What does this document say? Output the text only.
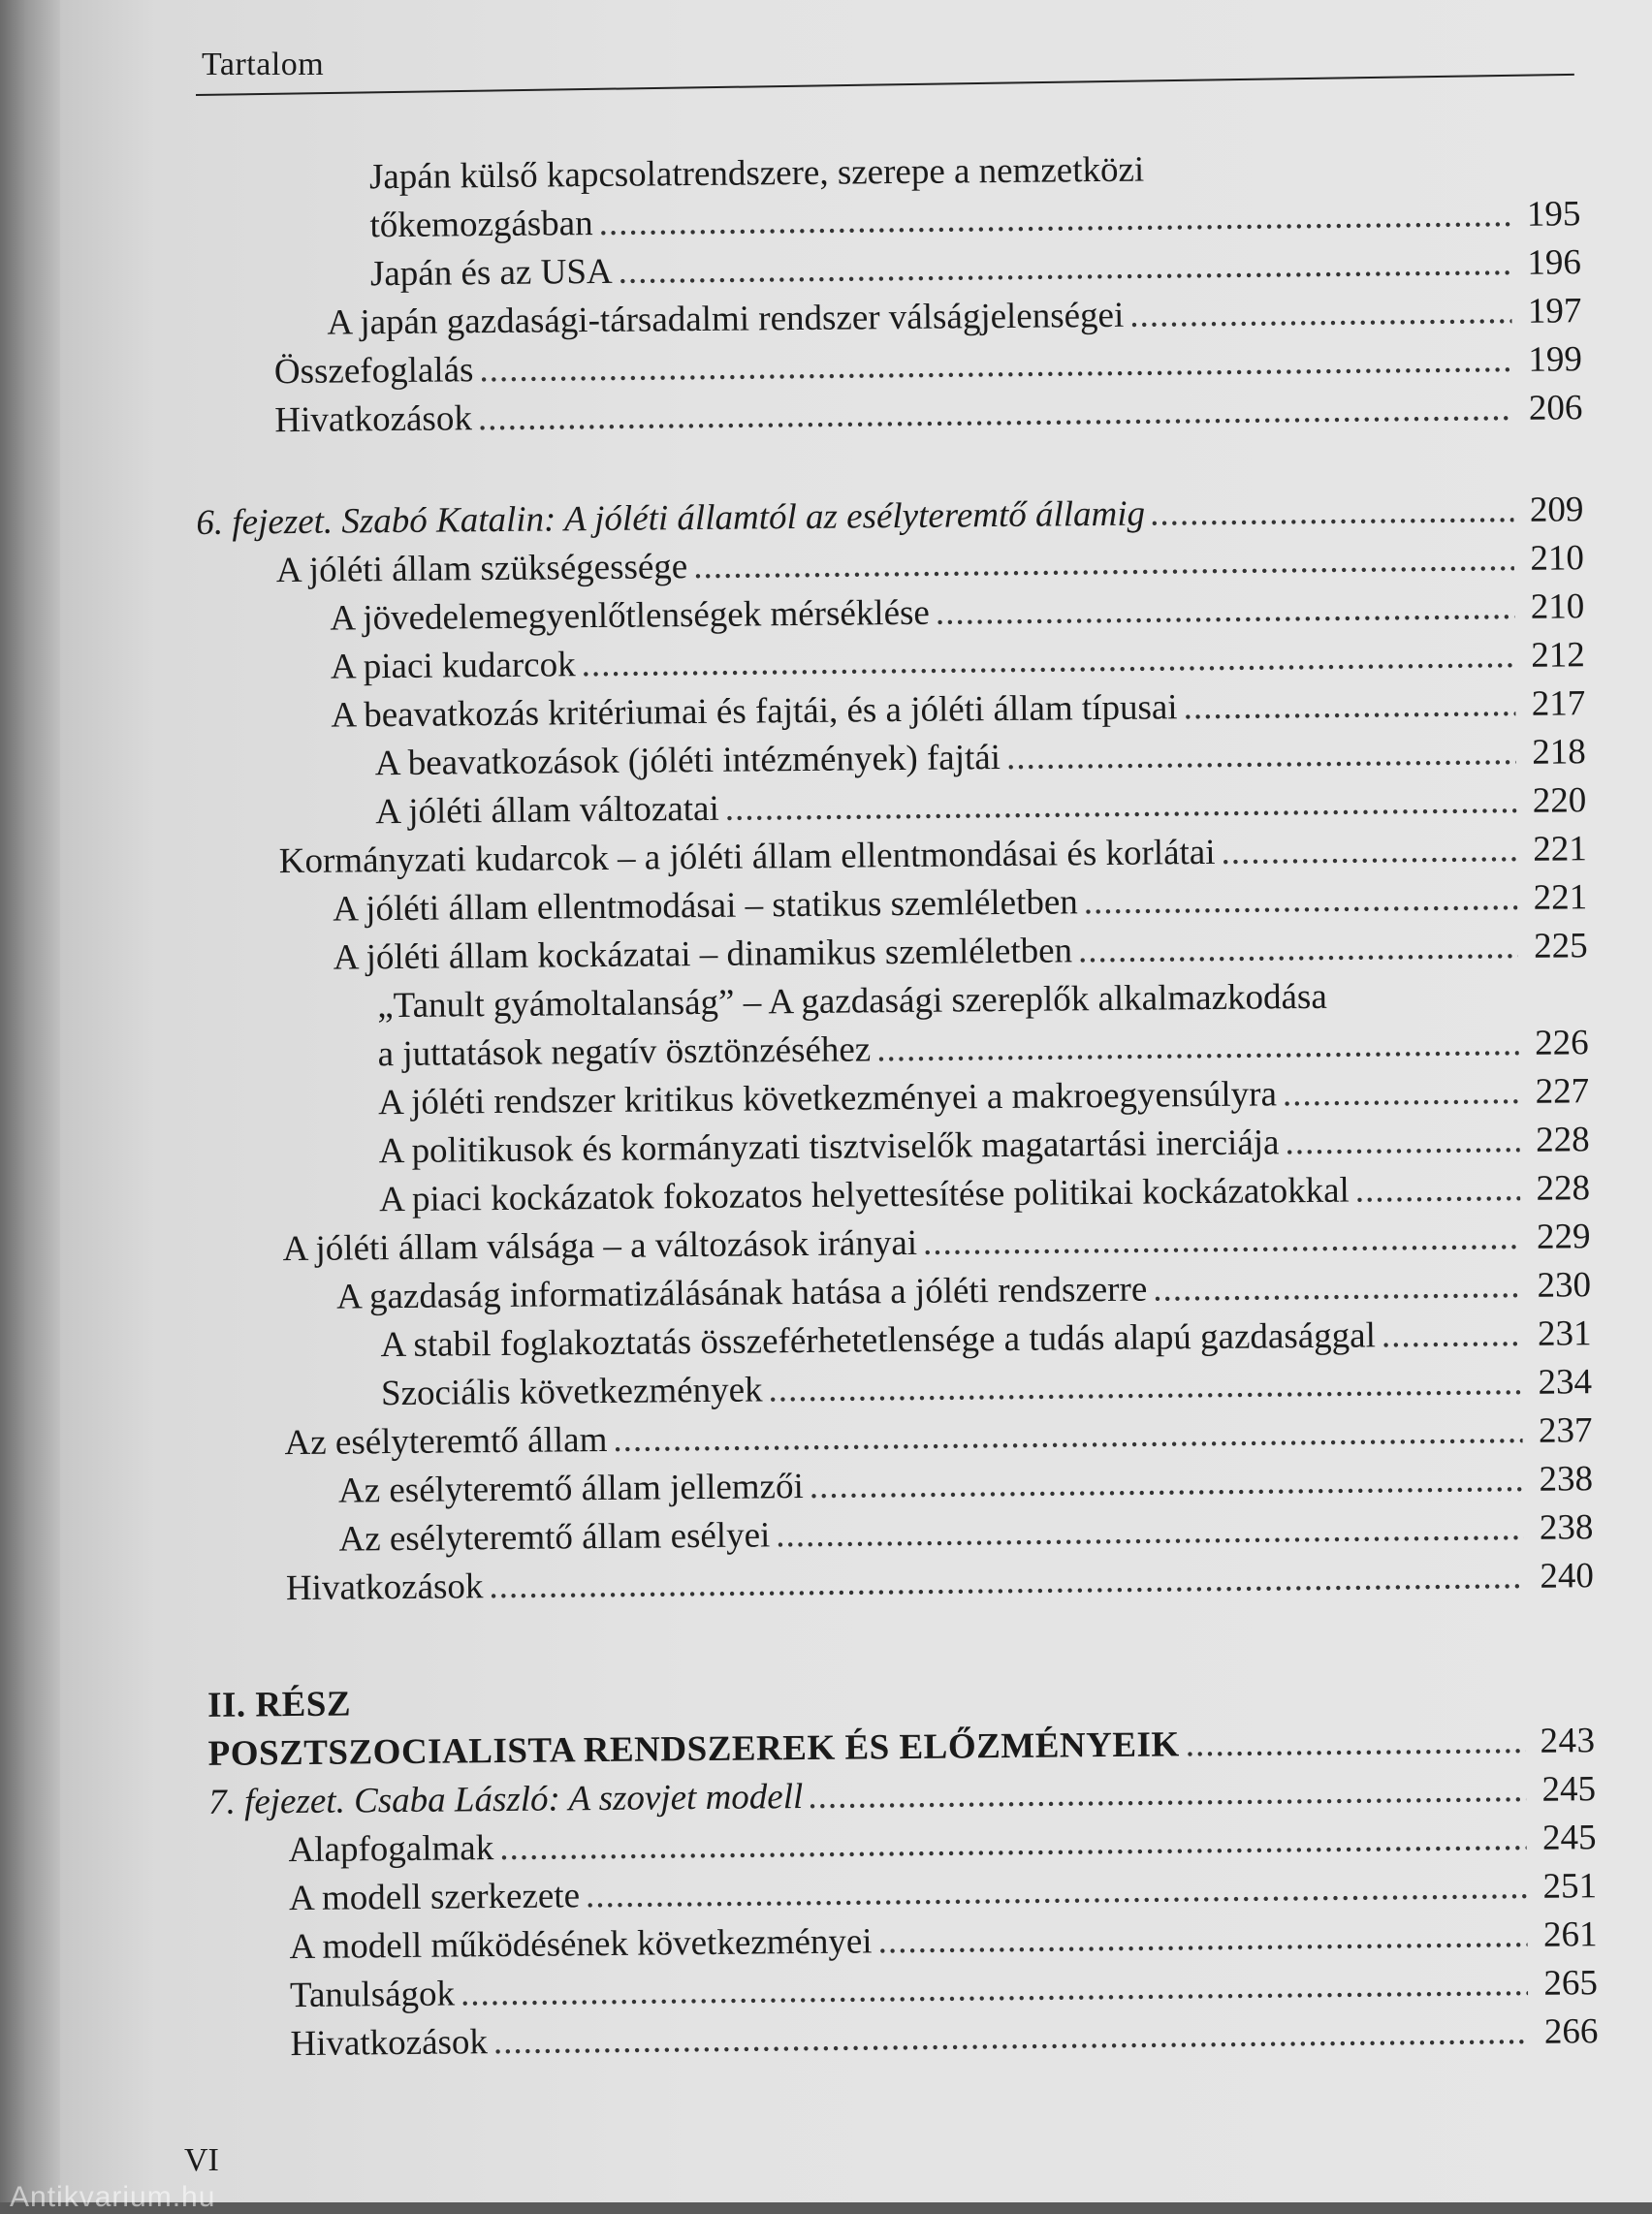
Tartalom
Japán külső kapcsolatrendszere, szerepe a nemzetközi
tőkemozgásban .....	195
Japán és az USA .....	196
A japán gazdasági-társadalmi rendszer válságjelenségei .....	197
Összefoglalás .....	199
Hivatkozások .....	206
6. fejezet. Szabó Katalin: A jóléti államtól az esélyteremtő államig .....	209
A jóléti állam szükségessége .....	210
A jövedelemegyenlőtlenségek mérséklése .....	210
A piaci kudarcok .....	212
A beavatkozás kritériumai és fajtái, és a jóléti állam típusai .....	217
A beavatkozások (jóléti intézmények) fajtái .....	218
A jóléti állam változatai .....	220
Kormányzati kudarcok – a jóléti állam ellentmondásai és korlátai .....	221
A jóléti állam ellentmodásai – statikus szemléletben .....	221
A jóléti állam kockázatai – dinamikus szemléletben .....	225
„Tanult gyámoltalanság” – A gazdasági szereplők alkalmazkodása
a juttatások negatív ösztönzéséhez .....	226
A jóléti rendszer kritikus következményei a makroegyensúlyra .....	227
A politikusok és kormányzati tisztviselők magatartási inerciája .....	228
A piaci kockázatok fokozatos helyettesítése politikai kockázatokkal .....	228
A jóléti állam válsága – a változások irányai .....	229
A gazdaság informatizálásának hatása a jóléti rendszerre .....	230
A stabil foglakoztatás összeférhetetlensége a tudás alapú gazdasággal .....	231
Szociális következmények .....	234
Az esélyteremtő állam .....	237
Az esélyteremtő állam jellemzői .....	238
Az esélyteremtő állam esélyei .....	238
Hivatkozások .....	240
II. RÉSZ
POSZTSZOCIALISTA RENDSZEREK ÉS ELŐZMÉNYEIK .....	243
7. fejezet. Csaba László: A szovjet modell .....	245
Alapfogalmak .....	245
A modell szerkezete .....	251
A modell működésének következményei .....	261
Tanulságok .....	265
Hivatkozások .....	266
VI
Antikvarium.hu
